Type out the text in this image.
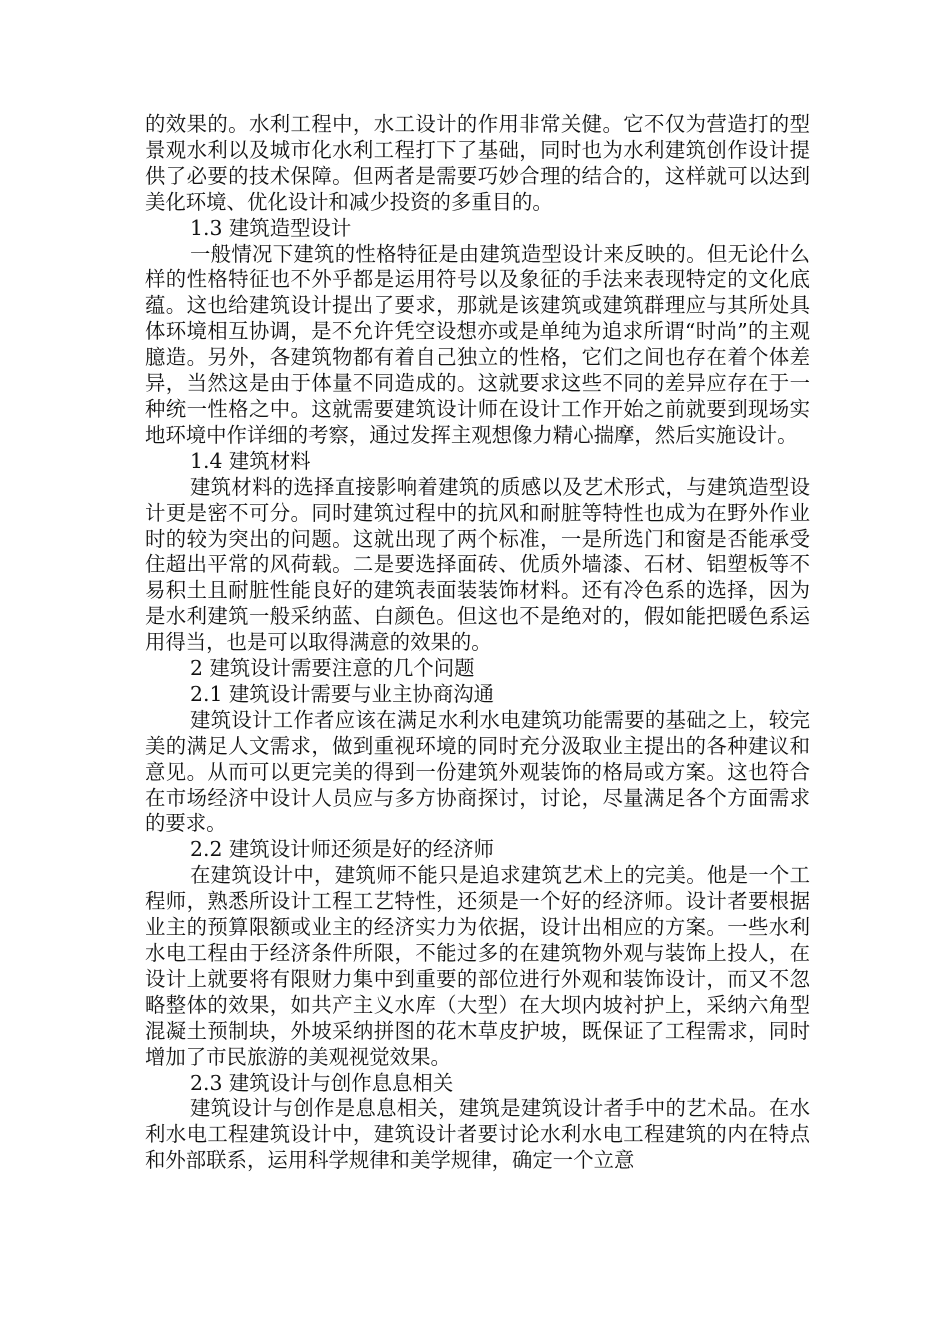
的效果的。水利工程中，水工设计的作用非常关健。它不仅为营造打的型景观水利以及城市化水利工程打下了基础，同时也为水利建筑创作设计提供了必要的技术保障。但两者是需要巧妙合理的结合的，这样就可以达到美化环境、优化设计和减少投资的多重目的。

1.3 建筑造型设计

一般情况下建筑的性格特征是由建筑造型设计来反映的。但无论什么样的性格特征也不外乎都是运用符号以及象征的手法来表现特定的文化底蕴。这也给建筑设计提出了要求，那就是该建筑或建筑群理应与其所处具体环境相互协调，是不允许凭空设想亦或是单纯为追求所谓“时尚”的主观臆造。另外，各建筑物都有着自己独立的性格，它们之间也存在着个体差异，当然这是由于体量不同造成的。这就要求这些不同的差异应存在于一种统一性格之中。这就需要建筑设计师在设计工作开始之前就要到现场实地环境中作详细的考察，通过发挥主观想像力精心揣摩，然后实施设计。

1.4 建筑材料

建筑材料的选择直接影响着建筑的质感以及艺术形式，与建筑造型设计更是密不可分。同时建筑过程中的抗风和耐脏等特性也成为在野外作业时的较为突出的问题。这就出现了两个标准，一是所选门和窗是否能承受住超出平常的风荷载。二是要选择面砖、优质外墙漆、石材、铝塑板等不易积土且耐脏性能良好的建筑表面装装饰材料。还有冷色系的选择，因为是水利建筑一般采纳蓝、白颜色。但这也不是绝对的，假如能把暖色系运用得当，也是可以取得满意的效果的。

2 建筑设计需要注意的几个问题

2.1 建筑设计需要与业主协商沟通

建筑设计工作者应该在满足水利水电建筑功能需要的基础之上，较完美的满足人文需求，做到重视环境的同时充分汲取业主提出的各种建议和意见。从而可以更完美的得到一份建筑外观装饰的格局或方案。这也符合在市场经济中设计人员应与多方协商探讨，讨论，尽量满足各个方面需求的要求。

2.2 建筑设计师还须是好的经济师

在建筑设计中，建筑师不能只是追求建筑艺术上的完美。他是一个工程师，熟悉所设计工程工艺特性，还须是一个好的经济师。设计者要根据业主的预算限额或业主的经济实力为依据，设计出相应的方案。一些水利水电工程由于经济条件所限，不能过多的在建筑物外观与装饰上投人，在设计上就要将有限财力集中到重要的部位进行外观和装饰设计，而又不忽略整体的效果，如共产主义水库（大型）在大坝内坡衬护上，采纳六角型混凝土预制块，外坡采纳拼图的花木草皮护坡，既保证了工程需求，同时增加了市民旅游的美观视觉效果。

2.3 建筑设计与创作息息相关

建筑设计与创作是息息相关，建筑是建筑设计者手中的艺术品。在水利水电工程建筑设计中，建筑设计者要讨论水利水电工程建筑的内在特点和外部联系，运用科学规律和美学规律，确定一个立意
